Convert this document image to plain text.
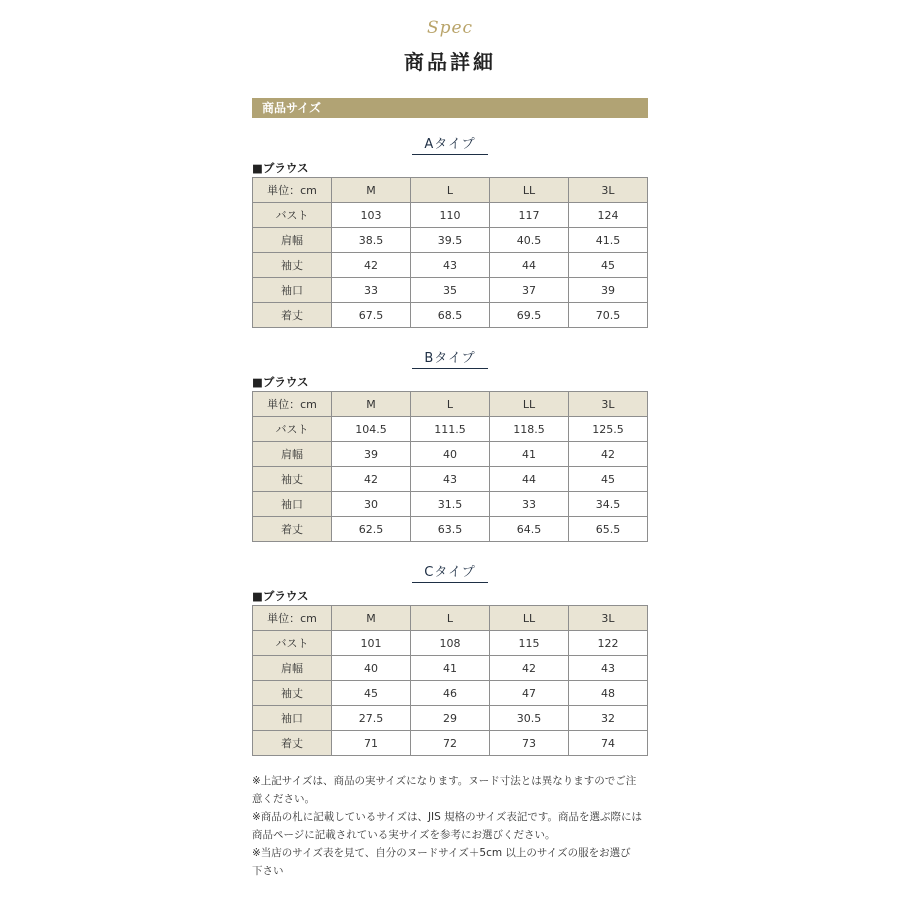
Spec
商品詳細
商品サイズ
Aタイプ
■ブラウス
単位：cm	M	L	LL	3L
バスト	103	110	117	124
肩幅	38.5	39.5	40.5	41.5
袖丈	42	43	44	45
袖口	33	35	37	39
着丈	67.5	68.5	69.5	70.5
Bタイプ
■ブラウス
単位：cm	M	L	LL	3L
バスト	104.5	111.5	118.5	125.5
肩幅	39	40	41	42
袖丈	42	43	44	45
袖口	30	31.5	33	34.5
着丈	62.5	63.5	64.5	65.5
Cタイプ
■ブラウス
単位：cm	M	L	LL	3L
バスト	101	108	115	122
肩幅	40	41	42	43
袖丈	45	46	47	48
袖口	27.5	29	30.5	32
着丈	71	72	73	74

※上記サイズは、商品の実サイズになります。ヌード寸法とは異なりますのでご注

意ください。

※商品の札に記載しているサイズは、JIS 規格のサイズ表記です。商品を選ぶ際には

商品ページに記載されている実サイズを参考にお選びください。

※当店のサイズ表を見て、自分のヌードサイズ＋5cm 以上のサイズの服をお選び

下さい
